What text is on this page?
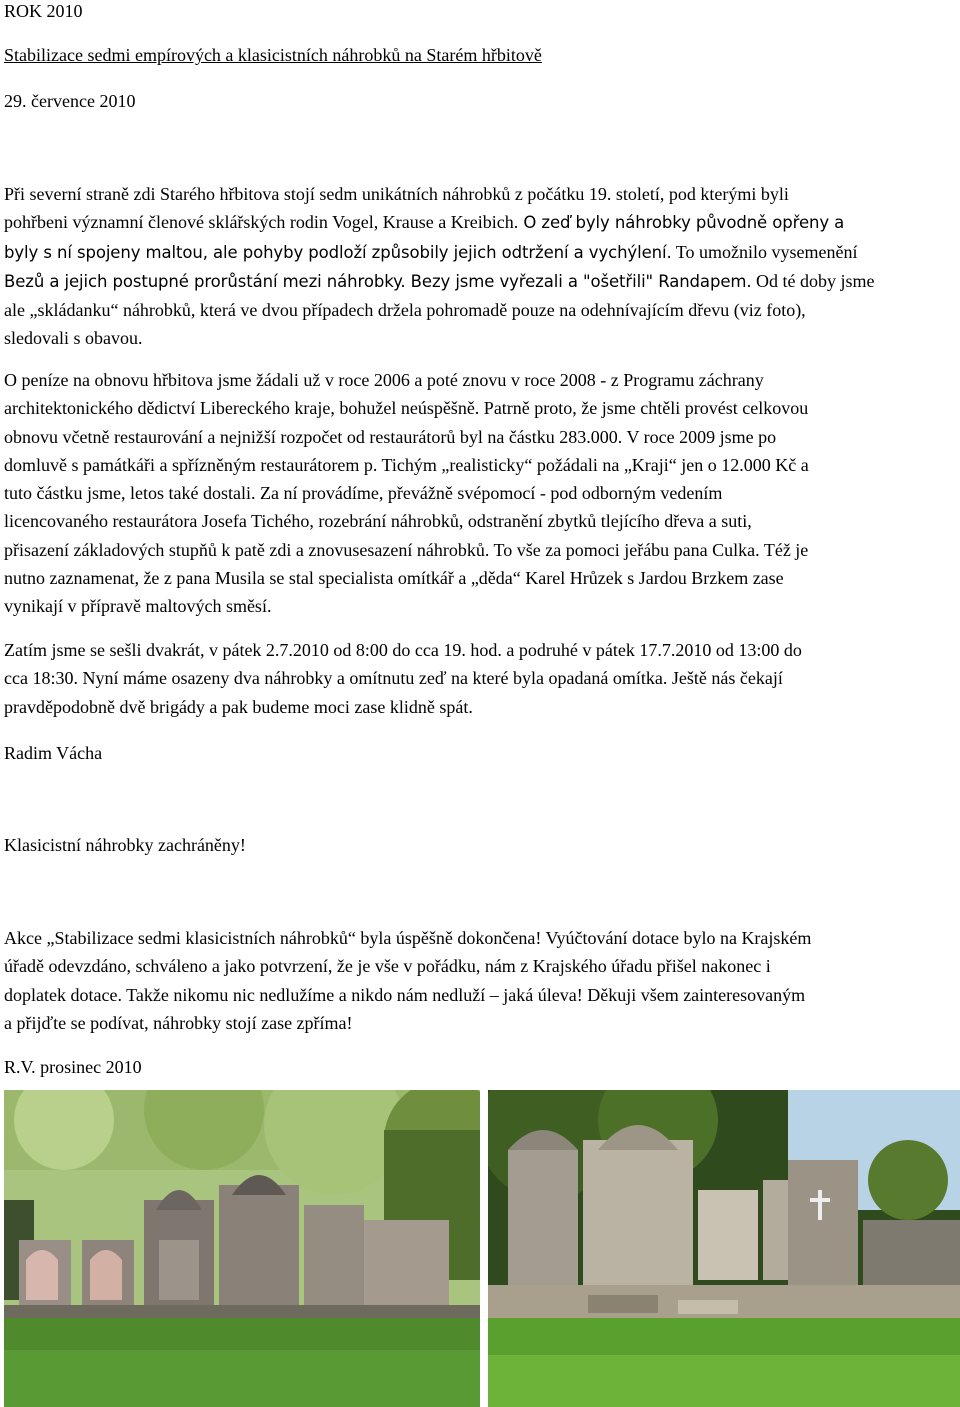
ROK 2010
Stabilizace sedmi empírových a klasicistních náhrobků na Starém hřbitově
29. července 2010
Při severní straně zdi Starého hřbitova stojí sedm unikátních náhrobků z počátku 19. století, pod kterými byli
pohřbeni významní členové sklářských rodin Vogel, Krause a Kreibich. O zeď byly náhrobky původně opřeny a
byly s ní spojeny maltou, ale pohyby podloží způsobily jejich odtržení a vychýlení. To umožnilo vysemenění
Bezů a jejich postupné prorůstání mezi náhrobky. Bezy jsme vyřezali a "ošetřili" Randapem. Od té doby jsme
ale „skládanku“ náhrobků, která ve dvou případech držela pohromadě pouze na odehnívajícím dřevu (viz foto),
sledovali s obavou.
O peníze na obnovu hřbitova jsme žádali už v roce 2006 a poté znovu v roce 2008 - z Programu záchrany
architektonického dědictví Libereckého kraje, bohužel neúspěšně. Patrně proto, že jsme chtěli provést celkovou
obnovu včetně restaurování a nejnižší rozpočet od restaurátorů byl na částku 283.000. V roce 2009 jsme po
domluvě s památkáři a spřízněným restaurátorem p. Tichým „realisticky“ požádali na „Kraji“ jen o 12.000 Kč a
tuto částku jsme, letos také dostali. Za ní provádíme, převážně svépomocí - pod odborným vedením
licencovaného restaurátora Josefa Tichého, rozebrání náhrobků, odstranění zbytků tlejícího dřeva a suti,
přisazení základových stupňů k patě zdi a znovusesazení náhrobků. To vše za pomoci jeřábu pana Culka. Též je
nutno zaznamenat, že z pana Musila se stal specialista omítkář a „děda“ Karel Hrůzek s Jardou Brzkem zase
vynikají v přípravě maltových směsí.
Zatím jsme se sešli dvakrát, v pátek 2.7.2010 od 8:00 do cca 19. hod. a podruhé v pátek 17.7.2010 od 13:00 do
cca 18:30. Nyní máme osazeny dva náhrobky a omítnutu zeď na které byla opadaná omítka. Ještě nás čekají
pravděpodobně dvě brigády a pak budeme moci zase klidně spát.
Radim Vácha
Klasicistní náhrobky zachráněny!
Akce „Stabilizace sedmi klasicistních náhrobků“ byla úspěšně dokončena! Vyúčtování dotace bylo na Krajském
úřadě odevzdáno, schváleno a jako potvrzení, že je vše v pořádku, nám z Krajského úřadu přišel nakonec i
doplatek dotace. Takže nikomu nic nedlužíme a nikdo nám nedluží – jaká úleva! Děkuji všem zainteresovaným
a přijďte se podívat, náhrobky stojí zase zpříma!
R.V. prosinec 2010
